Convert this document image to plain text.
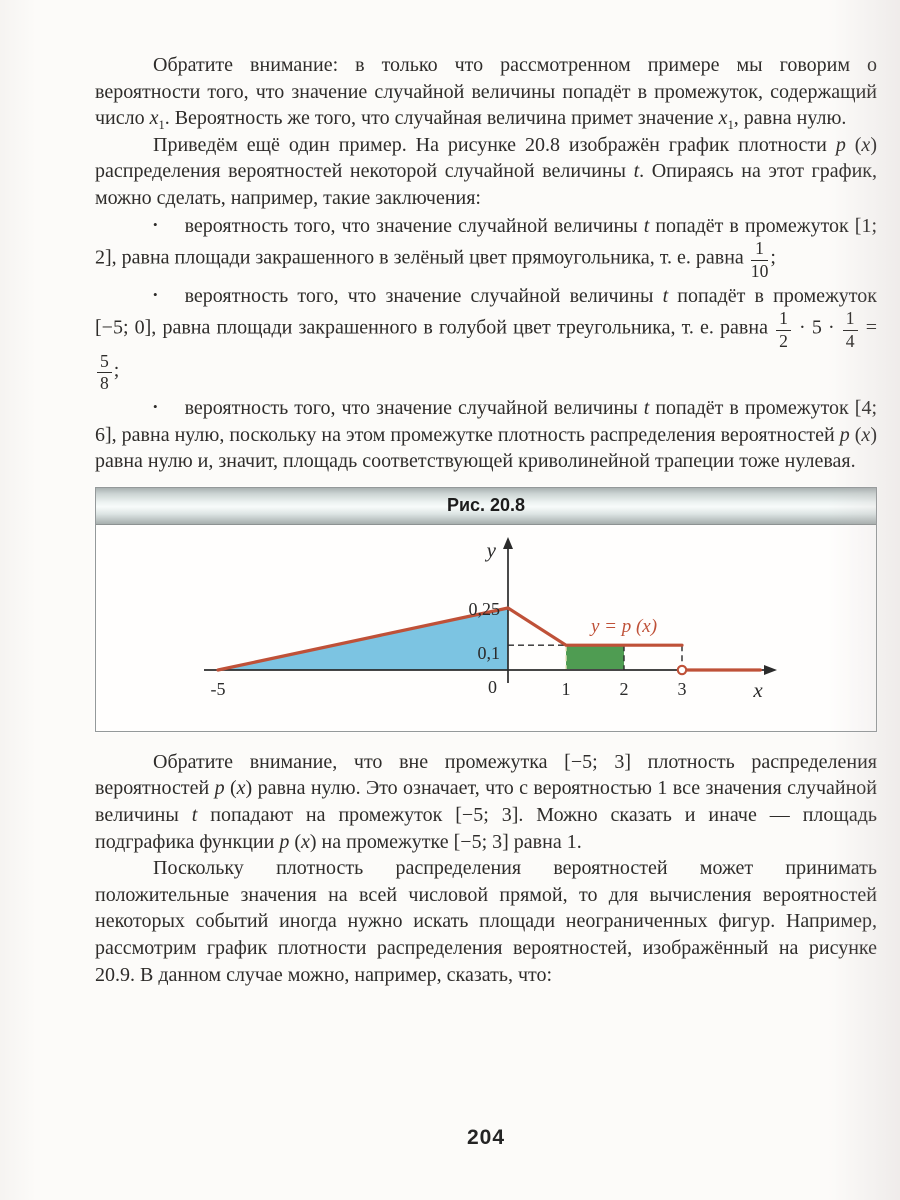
Обратите внимание: в только что рассмотренном примере мы говорим о вероятности того, что значение случайной величины попадёт в промежуток, содержащий число $x_1$. Вероятность же того, что случайная величина примет значение $x_1$, равна нулю.

Приведём ещё один пример. На рисунке 20.8 изображён график плотности p (x) распределения вероятностей некоторой случайной величины t. Опираясь на этот график, можно сделать, например, такие заключения:

• вероятность того, что значение случайной величины t попадёт в промежуток [1; 2], равна площади закрашенного в зелёный цвет прямоугольника, т. е. равна $\frac{1}{10}$ ;

• вероятность того, что значение случайной величины t попадёт в промежуток [−5; 0], равна площади закрашенного в голубой цвет треугольника, т. е. равна $\frac{1}{2} \cdot 5 \cdot \frac{1}{4}$ =
$\frac{5}{8}$ ;

• вероятность того, что значение случайной величины t попадёт в промежуток [4; 6], равна нулю, поскольку на этом промежутке плотность распределения вероятностей p (x) равна нулю и, значит, площадь соответствующей криволинейной трапеции тоже нулевая.

Рис. 20.8
y
x
y = p (x)
-5	0	1	2	3
0,25
0,1

Обратите внимание, что вне промежутка [−5; 3] плотность распределения вероятностей p (x) равна нулю. Это означает, что с вероятностью 1 все значения случайной величины t попадают на промежуток [−5; 3]. Можно сказать и иначе — площадь подграфика функции p (x) на промежутке [−5; 3] равна 1.

Поскольку плотность распределения вероятностей может принимать положительные значения на всей числовой прямой, то для вычисления вероятностей некоторых событий иногда нужно искать площади неограниченных фигур. Например, рассмотрим график плотности распределения вероятностей, изображённый на рисунке 20.9. В данном случае можно, например, сказать, что:

204
